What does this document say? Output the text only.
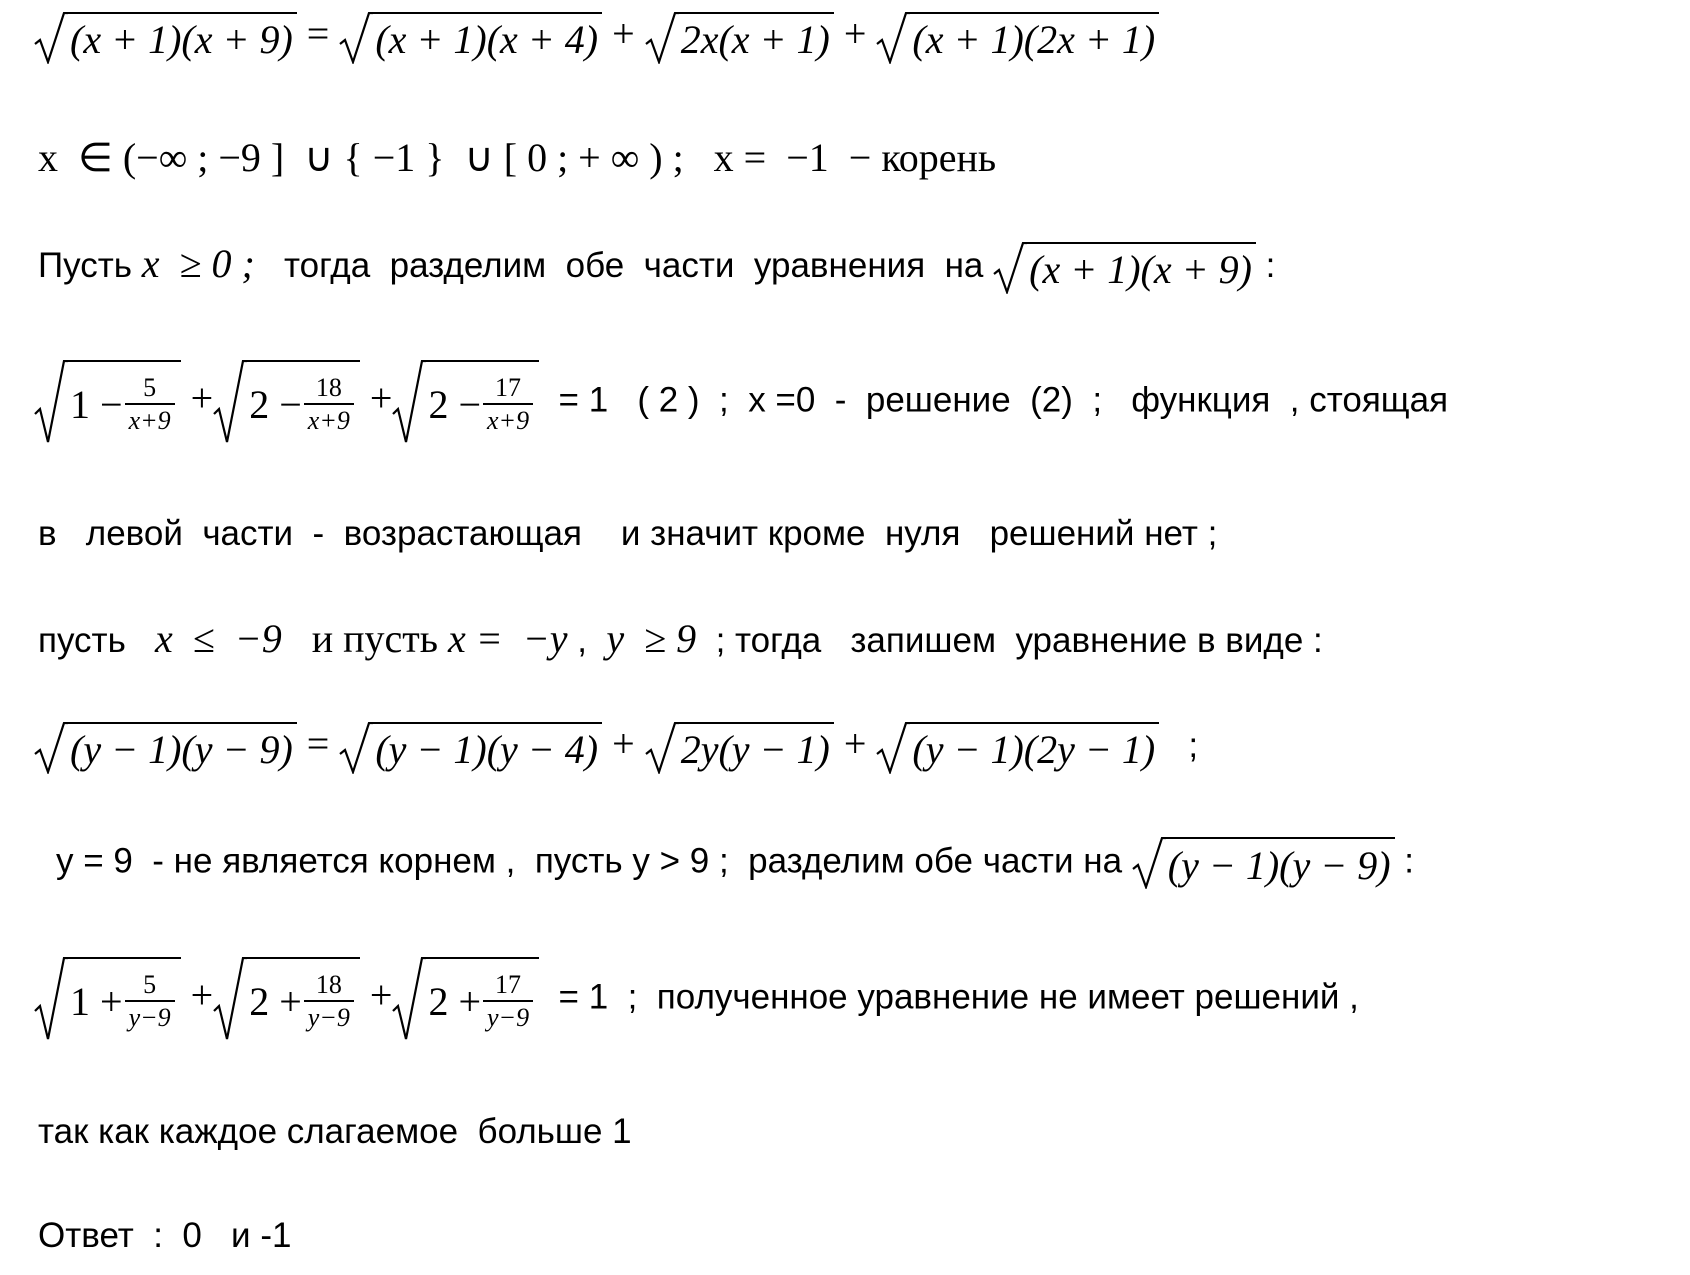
(x + 1)(x + 9) = (x + 1)(x + 4) + 2x(x + 1) + (x + 1)(2x + 1)
x  ∈ (−∞ ; −9 ]  ∪ { −1 }  ∪ [ 0 ; + ∞ ) ;   x =  −1  − корень
Пусть x  ≥ 0 ;   тогда  разделим  обе  части  уравнения  на (x + 1)(x + 9) :
$1 - \frac{5}{x+9} + 2 - \frac{18}{x+9} + 2 - \frac{17}{x+9} = 1$   ( 2 )  ;  x =0  -  решение  (2)  ;   функция  , стоящая
в   левой  части  -  возрастающая    и значит кроме  нуля   решений нет ;
пусть   x  ≤  −9   и пусть x =  −y ,  y  ≥ 9  ; тогда   запишем  уравнение в виде :
(y − 1)(y − 9) = (y − 1)(y − 4) + 2y(y − 1) + (y − 1)(2y − 1) ;
y = 9  - не является корнем ,  пусть y > 9 ;  разделим обе части на (y − 1)(y − 9) :
$1 + \frac{5}{y-9} + 2 + \frac{18}{y-9} + 2 + \frac{17}{y-9} = 1$  ;  полученное уравнение не имеет решений ,
так как каждое слагаемое  больше 1
Ответ  :  0   и -1
